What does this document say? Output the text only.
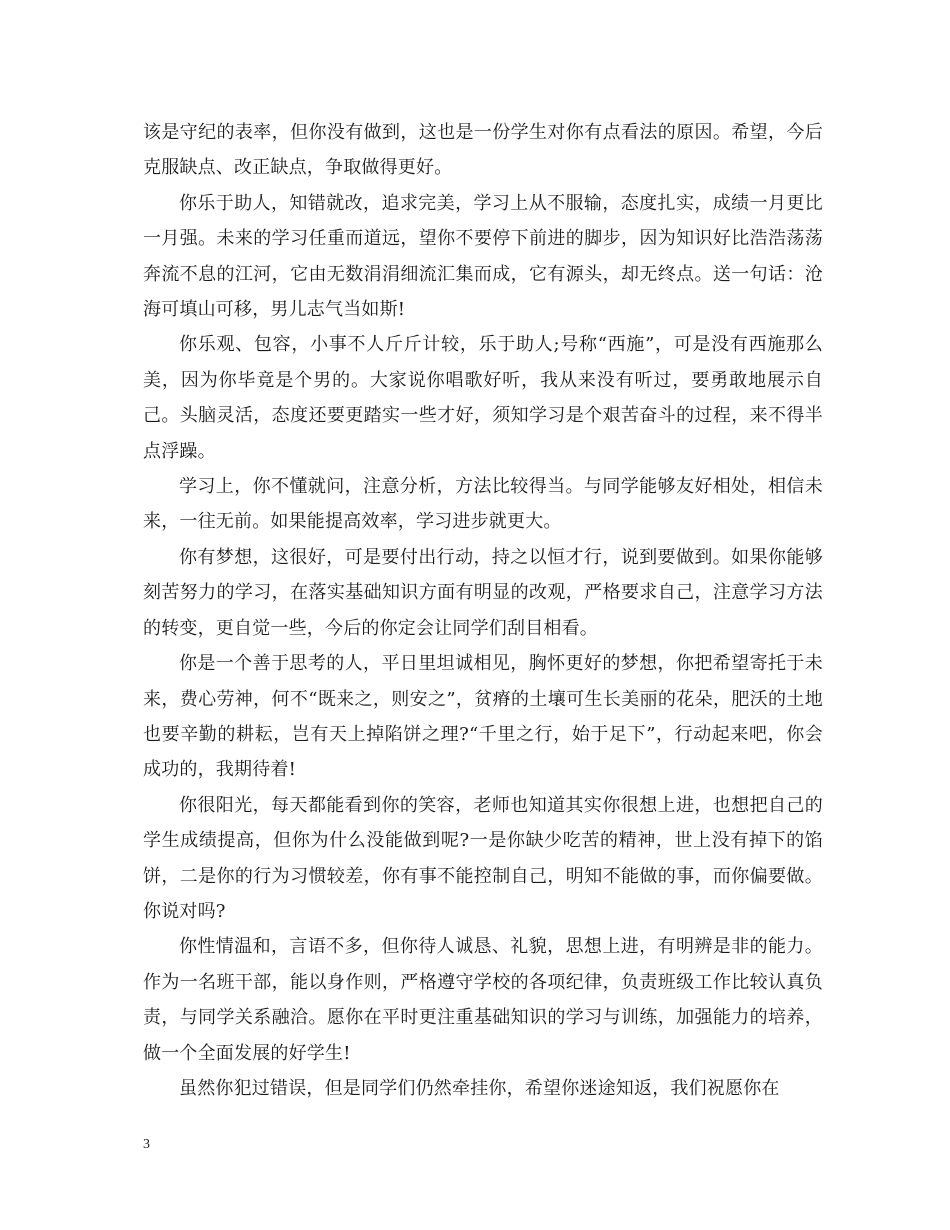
该是守纪的表率，但你没有做到，这也是一份学生对你有点看法的原因。希望，今后克服缺点、改正缺点，争取做得更好。

你乐于助人，知错就改，追求完美，学习上从不服输，态度扎实，成绩一月更比一月强。未来的学习任重而道远，望你不要停下前进的脚步，因为知识好比浩浩荡荡奔流不息的江河，它由无数涓涓细流汇集而成，它有源头，却无终点。送一句话：沧海可填山可移，男儿志气当如斯!

你乐观、包容，小事不人斤斤计较，乐于助人;号称“西施”，可是没有西施那么美，因为你毕竟是个男的。大家说你唱歌好听，我从来没有听过，要勇敢地展示自己。头脑灵活，态度还要更踏实一些才好，须知学习是个艰苦奋斗的过程，来不得半点浮躁。

学习上，你不懂就问，注意分析，方法比较得当。与同学能够友好相处，相信未来，一往无前。如果能提高效率，学习进步就更大。

你有梦想，这很好，可是要付出行动，持之以恒才行，说到要做到。如果你能够刻苦努力的学习，在落实基础知识方面有明显的改观，严格要求自己，注意学习方法的转变，更自觉一些，今后的你定会让同学们刮目相看。

你是一个善于思考的人，平日里坦诚相见，胸怀更好的梦想，你把希望寄托于未来，费心劳神，何不“既来之，则安之”，贫瘠的土壤可生长美丽的花朵，肥沃的土地也要辛勤的耕耘，岂有天上掉陷饼之理?“千里之行，始于足下”，行动起来吧，你会成功的，我期待着!

你很阳光，每天都能看到你的笑容，老师也知道其实你很想上进，也想把自己的学生成绩提高，但你为什么没能做到呢?一是你缺少吃苦的精神，世上没有掉下的馅饼，二是你的行为习惯较差，你有事不能控制自己，明知不能做的事，而你偏要做。你说对吗?

你性情温和，言语不多，但你待人诚恳、礼貌，思想上进，有明辨是非的能力。作为一名班干部，能以身作则，严格遵守学校的各项纪律，负责班级工作比较认真负责，与同学关系融洽。愿你在平时更注重基础知识的学习与训练，加强能力的培养，做一个全面发展的好学生!

虽然你犯过错误，但是同学们仍然牵挂你，希望你迷途知返，我们祝愿你在

3
